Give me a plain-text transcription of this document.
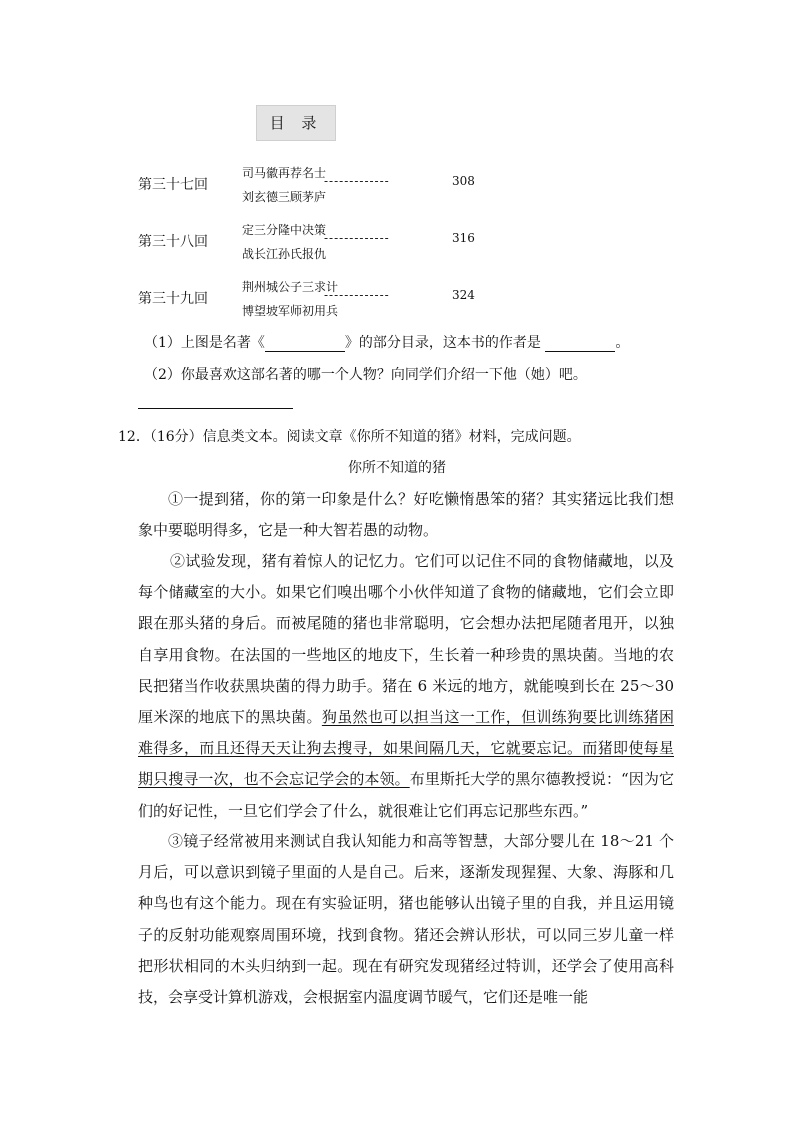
目 录
第三十七回
司马徽再荐名士
刘玄德三顾茅庐
-------------	308
第三十八回
定三分隆中决策
战长江孙氏报仇
-------------	316
第三十九回
荆州城公子三求计
博望坡军师初用兵
-------------	324
（1）上图是名著《	》的部分目录，这本书的作者是	。
（2）你最喜欢这部名著的哪一个人物？向同学们介绍一下他（她）吧。
12．（16分）信息类文本。阅读文章《你所不知道的猪》材料，完成问题。
你所不知道的猪
①一提到猪，你的第一印象是什么？好吃懒惰愚笨的猪？其实猪远比我们想象中要聪明得多，它是一种大智若愚的动物。
②试验发现，猪有着惊人的记忆力。它们可以记住不同的食物储藏地，以及每个储藏室的大小。如果它们嗅出哪个小伙伴知道了食物的储藏地，它们会立即跟在那头猪的身后。而被尾随的猪也非常聪明，它会想办法把尾随者甩开，以独自享用食物。在法国的一些地区的地皮下，生长着一种珍贵的黑块菌。当地的农民把猪当作收获黑块菌的得力助手。猪在 6 米远的地方，就能嗅到长在 25～30 厘米深的地底下的黑块菌。狗虽然也可以担当这一工作，但训练狗要比训练猪困难得多，而且还得天天让狗去搜寻，如果间隔几天，它就要忘记。而猪即使每星期只搜寻一次，也不会忘记学会的本领。布里斯托大学的黑尔德教授说：“因为它们的好记性，一旦它们学会了什么，就很难让它们再忘记那些东西。”
③镜子经常被用来测试自我认知能力和高等智慧，大部分婴儿在 18～21 个月后，可以意识到镜子里面的人是自己。后来，逐渐发现猩猩、大象、海豚和几种鸟也有这个能力。现在有实验证明，猪也能够认出镜子里的自我，并且运用镜子的反射功能观察周围环境，找到食物。猪还会辨认形状，可以同三岁儿童一样把形状相同的木头归纳到一起。现在有研究发现猪经过特训，还学会了使用高科技，会享受计算机游戏，会根据室内温度调节暖气，它们还是唯一能
